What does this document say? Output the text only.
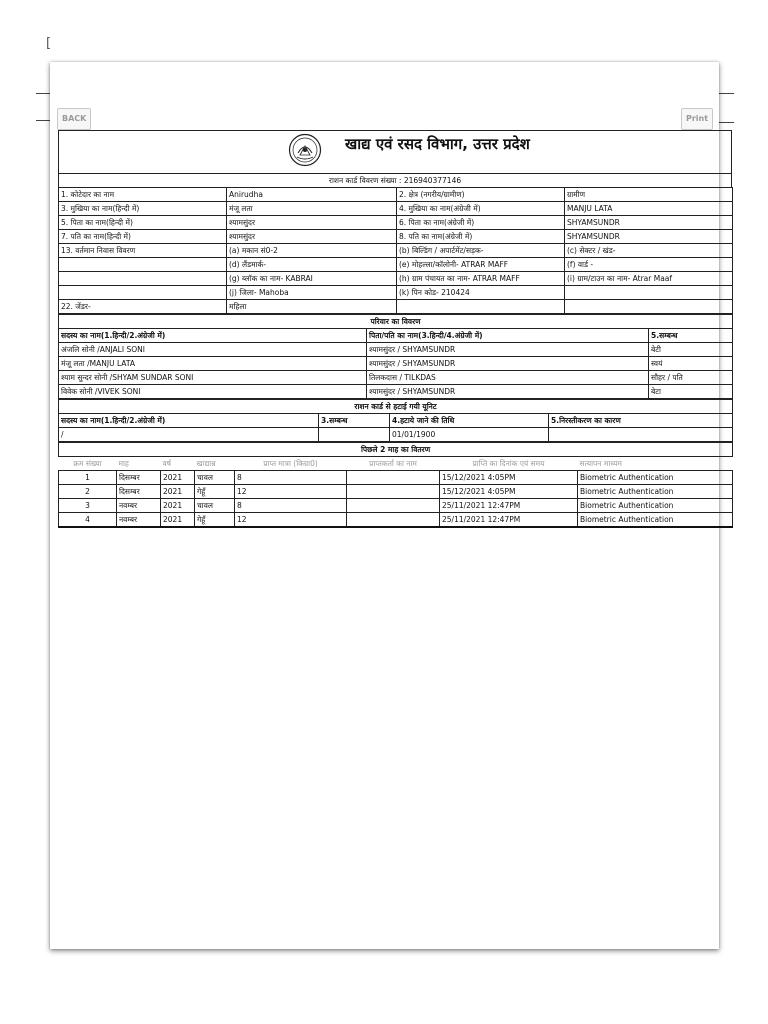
[
BACK	Print
खाद्य एवं रसद विभाग, उत्तर प्रदेश
राशन कार्ड विवरण संख्या : 216940377146
1. कोटेदार का नाम	Anirudha	2. क्षेत्र (नगरीय/ग्रामीण)	ग्रामीण
3. मुखिया का नाम(हिन्दी में)	मंजू लता	4. मुखिया का नाम(अंग्रेजी में)	MANJU LATA
5. पिता का नाम(हिन्दी में)	श्यामसुंदर	6. पिता का नाम(अंग्रेजी में)	SHYAMSUNDR
7. पति का नाम(हिन्दी में)	श्यामसुंदर	8. पति का नाम(अंग्रेजी में)	SHYAMSUNDR
13. वर्तमान निवास विवरण	(a) मकान सं0-2	(b) बिल्डिंग / अपार्टमेंट/सड़क-	(c) सेक्टर / खंड-
	(d) लैंडमार्क-	(e) मोहल्ला/कॉलोनी- ATRAR MAFF	(f) वार्ड -
	(g) ब्लॉक का नाम- KABRAI	(h) ग्राम पंचायत का नाम- ATRAR MAFF	(i) ग्राम/टाउन का नाम- Atrar Maaf
	(j) जिला- Mahoba	(k) पिन कोड- 210424	
22. जेंडर-	महिला		
परिवार का विवरण		
सदस्य का नाम(1.हिन्दी/2.अंग्रेजी में)	पिता/पति का नाम(3.हिन्दी/4.अंग्रेजी में)	5.सम्बन्ध
अंजलि सोनी /ANJALI SONI	श्यामसुंदर / SHYAMSUNDR	बेटी
मंजू लता /MANJU LATA	श्यामसुंदर / SHYAMSUNDR	स्वयं
श्याम सुन्दर सोनी /SHYAM SUNDAR SONI	तिलकदास / TILKDAS	सौहर / पति
विवेक सोनी /VIVEK SONI	श्यामसुंदर / SHYAMSUNDR	बेटा
राशन कार्ड से हटाई गयी यूनिट			
सदस्य का नाम(1.हिन्दी/2.अंग्रेजी में)	3.सम्बन्ध	4.हटाये जाने की तिथि	5.निरस्तीकरण का कारण
/		01/01/1900	
पिछले 2 माह का वितरण							
क्रम संख्या	माह	वर्ष	खाद्यान्न	प्राप्त मात्रा (किग्रा0)	प्राप्तकर्ता का नाम	प्राप्ति का दिनांक एवं समय	सत्यापन माध्यम
1	दिसम्बर	2021	चावल	8		15/12/2021 4:05PM	Biometric Authentication
2	दिसम्बर	2021	गेहूँ	12		15/12/2021 4:05PM	Biometric Authentication
3	नवम्बर	2021	चावल	8		25/11/2021 12:47PM	Biometric Authentication
4	नवम्बर	2021	गेहूँ	12		25/11/2021 12:47PM	Biometric Authentication
